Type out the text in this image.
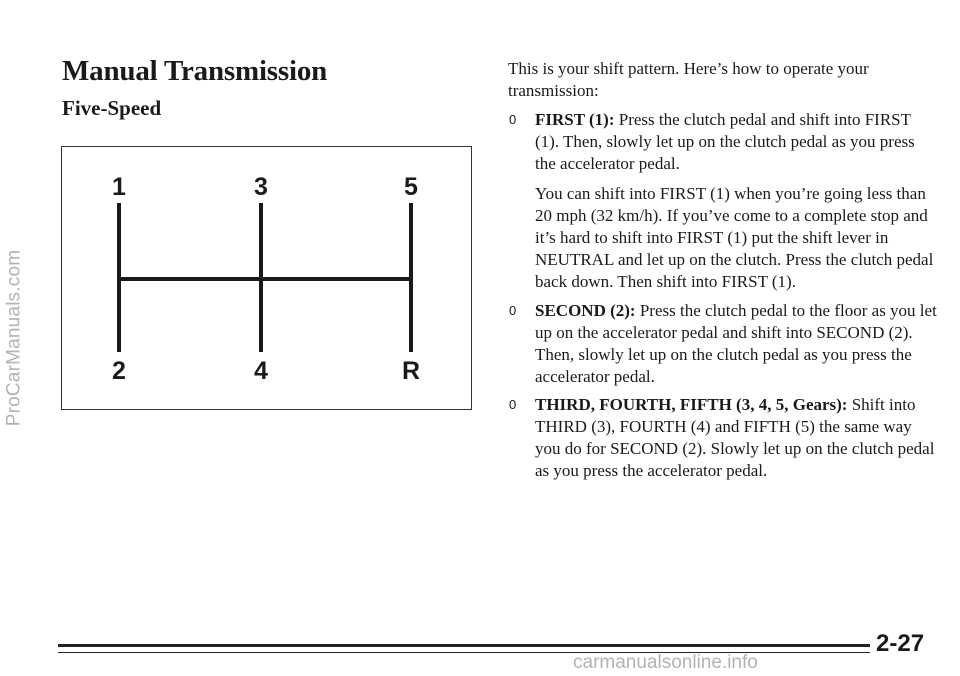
ProCarManuals.com
Manual Transmission
Five-Speed
1	3	5
2	4	R

This is your shift pattern. Here’s how to operate your transmission:

0 FIRST (1): Press the clutch pedal and shift into FIRST (1). Then, slowly let up on the clutch pedal as you press the accelerator pedal.

You can shift into FIRST (1) when you’re going less than 20 mph (32 km/h). If you’ve come to a complete stop and it’s hard to shift into FIRST (1) put the shift lever in NEUTRAL and let up on the clutch. Press the clutch pedal back down. Then shift into FIRST (1).

0 SECOND (2): Press the clutch pedal to the floor as you let up on the accelerator pedal and shift into SECOND (2). Then, slowly let up on the clutch pedal as you press the accelerator pedal.
0 THIRD, FOURTH, FIFTH (3, 4, 5, Gears): Shift into THIRD (3), FOURTH (4) and FIFTH (5) the same way you do for SECOND (2). Slowly let up on the clutch pedal as you press the accelerator pedal.
2-27
carmanualsonline.info
